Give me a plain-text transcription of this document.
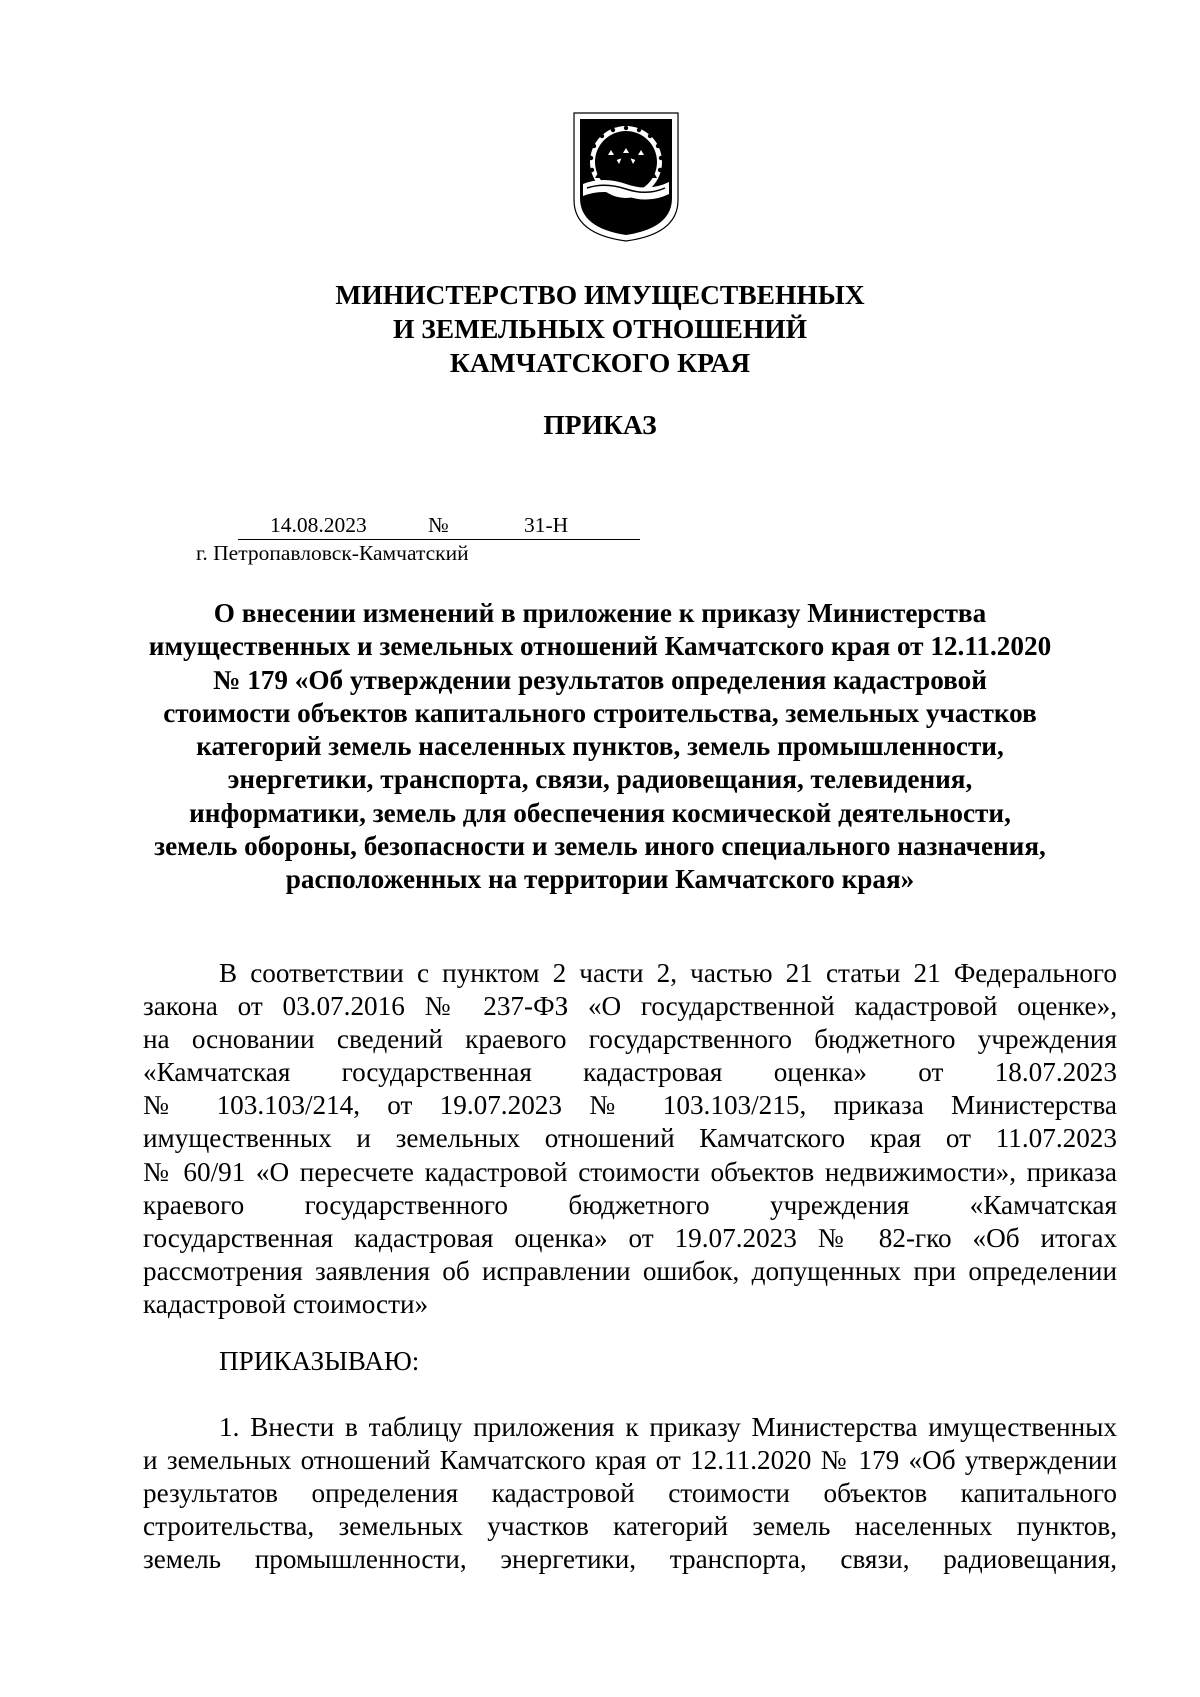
МИНИСТЕРСТВО ИМУЩЕСТВЕННЫХ
И ЗЕМЕЛЬНЫХ ОТНОШЕНИЙ
КАМЧАТСКОГО КРАЯ
ПРИКАЗ
14.08.2023	№	31-Н
г. Петропавловск-Камчатский
О внесении изменений в приложение к приказу Министерства
имущественных и земельных отношений Камчатского края от 12.11.2020
№ 179 «Об утверждении результатов определения кадастровой
стоимости объектов капитального строительства, земельных участков
категорий земель населенных пунктов, земель промышленности,
энергетики, транспорта, связи, радиовещания, телевидения,
информатики, земель для обеспечения космической деятельности,
земель обороны, безопасности и земель иного специального назначения,
расположенных на территории Камчатского края»
В соответствии с пунктом 2 части 2, частью 21 статьи 21 Федерального
закона от 03.07.2016 № 237-ФЗ «О государственной кадастровой оценке»,
на основании сведений краевого государственного бюджетного учреждения
«Камчатская государственная кадастровая оценка» от 18.07.2023
№ 103.103/214, от 19.07.2023 № 103.103/215, приказа Министерства
имущественных и земельных отношений Камчатского края от 11.07.2023
№ 60/91 «О пересчете кадастровой стоимости объектов недвижимости», приказа
краевого государственного бюджетного учреждения «Камчатская
государственная кадастровая оценка» от 19.07.2023 № 82-гко «Об итогах
рассмотрения заявления об исправлении ошибок, допущенных при определении
кадастровой стоимости»
ПРИКАЗЫВАЮ:
1. Внести в таблицу приложения к приказу Министерства имущественных
и земельных отношений Камчатского края от 12.11.2020 № 179 «Об утверждении
результатов определения кадастровой стоимости объектов капитального
строительства, земельных участков категорий земель населенных пунктов,
земель промышленности, энергетики, транспорта, связи, радиовещания,
